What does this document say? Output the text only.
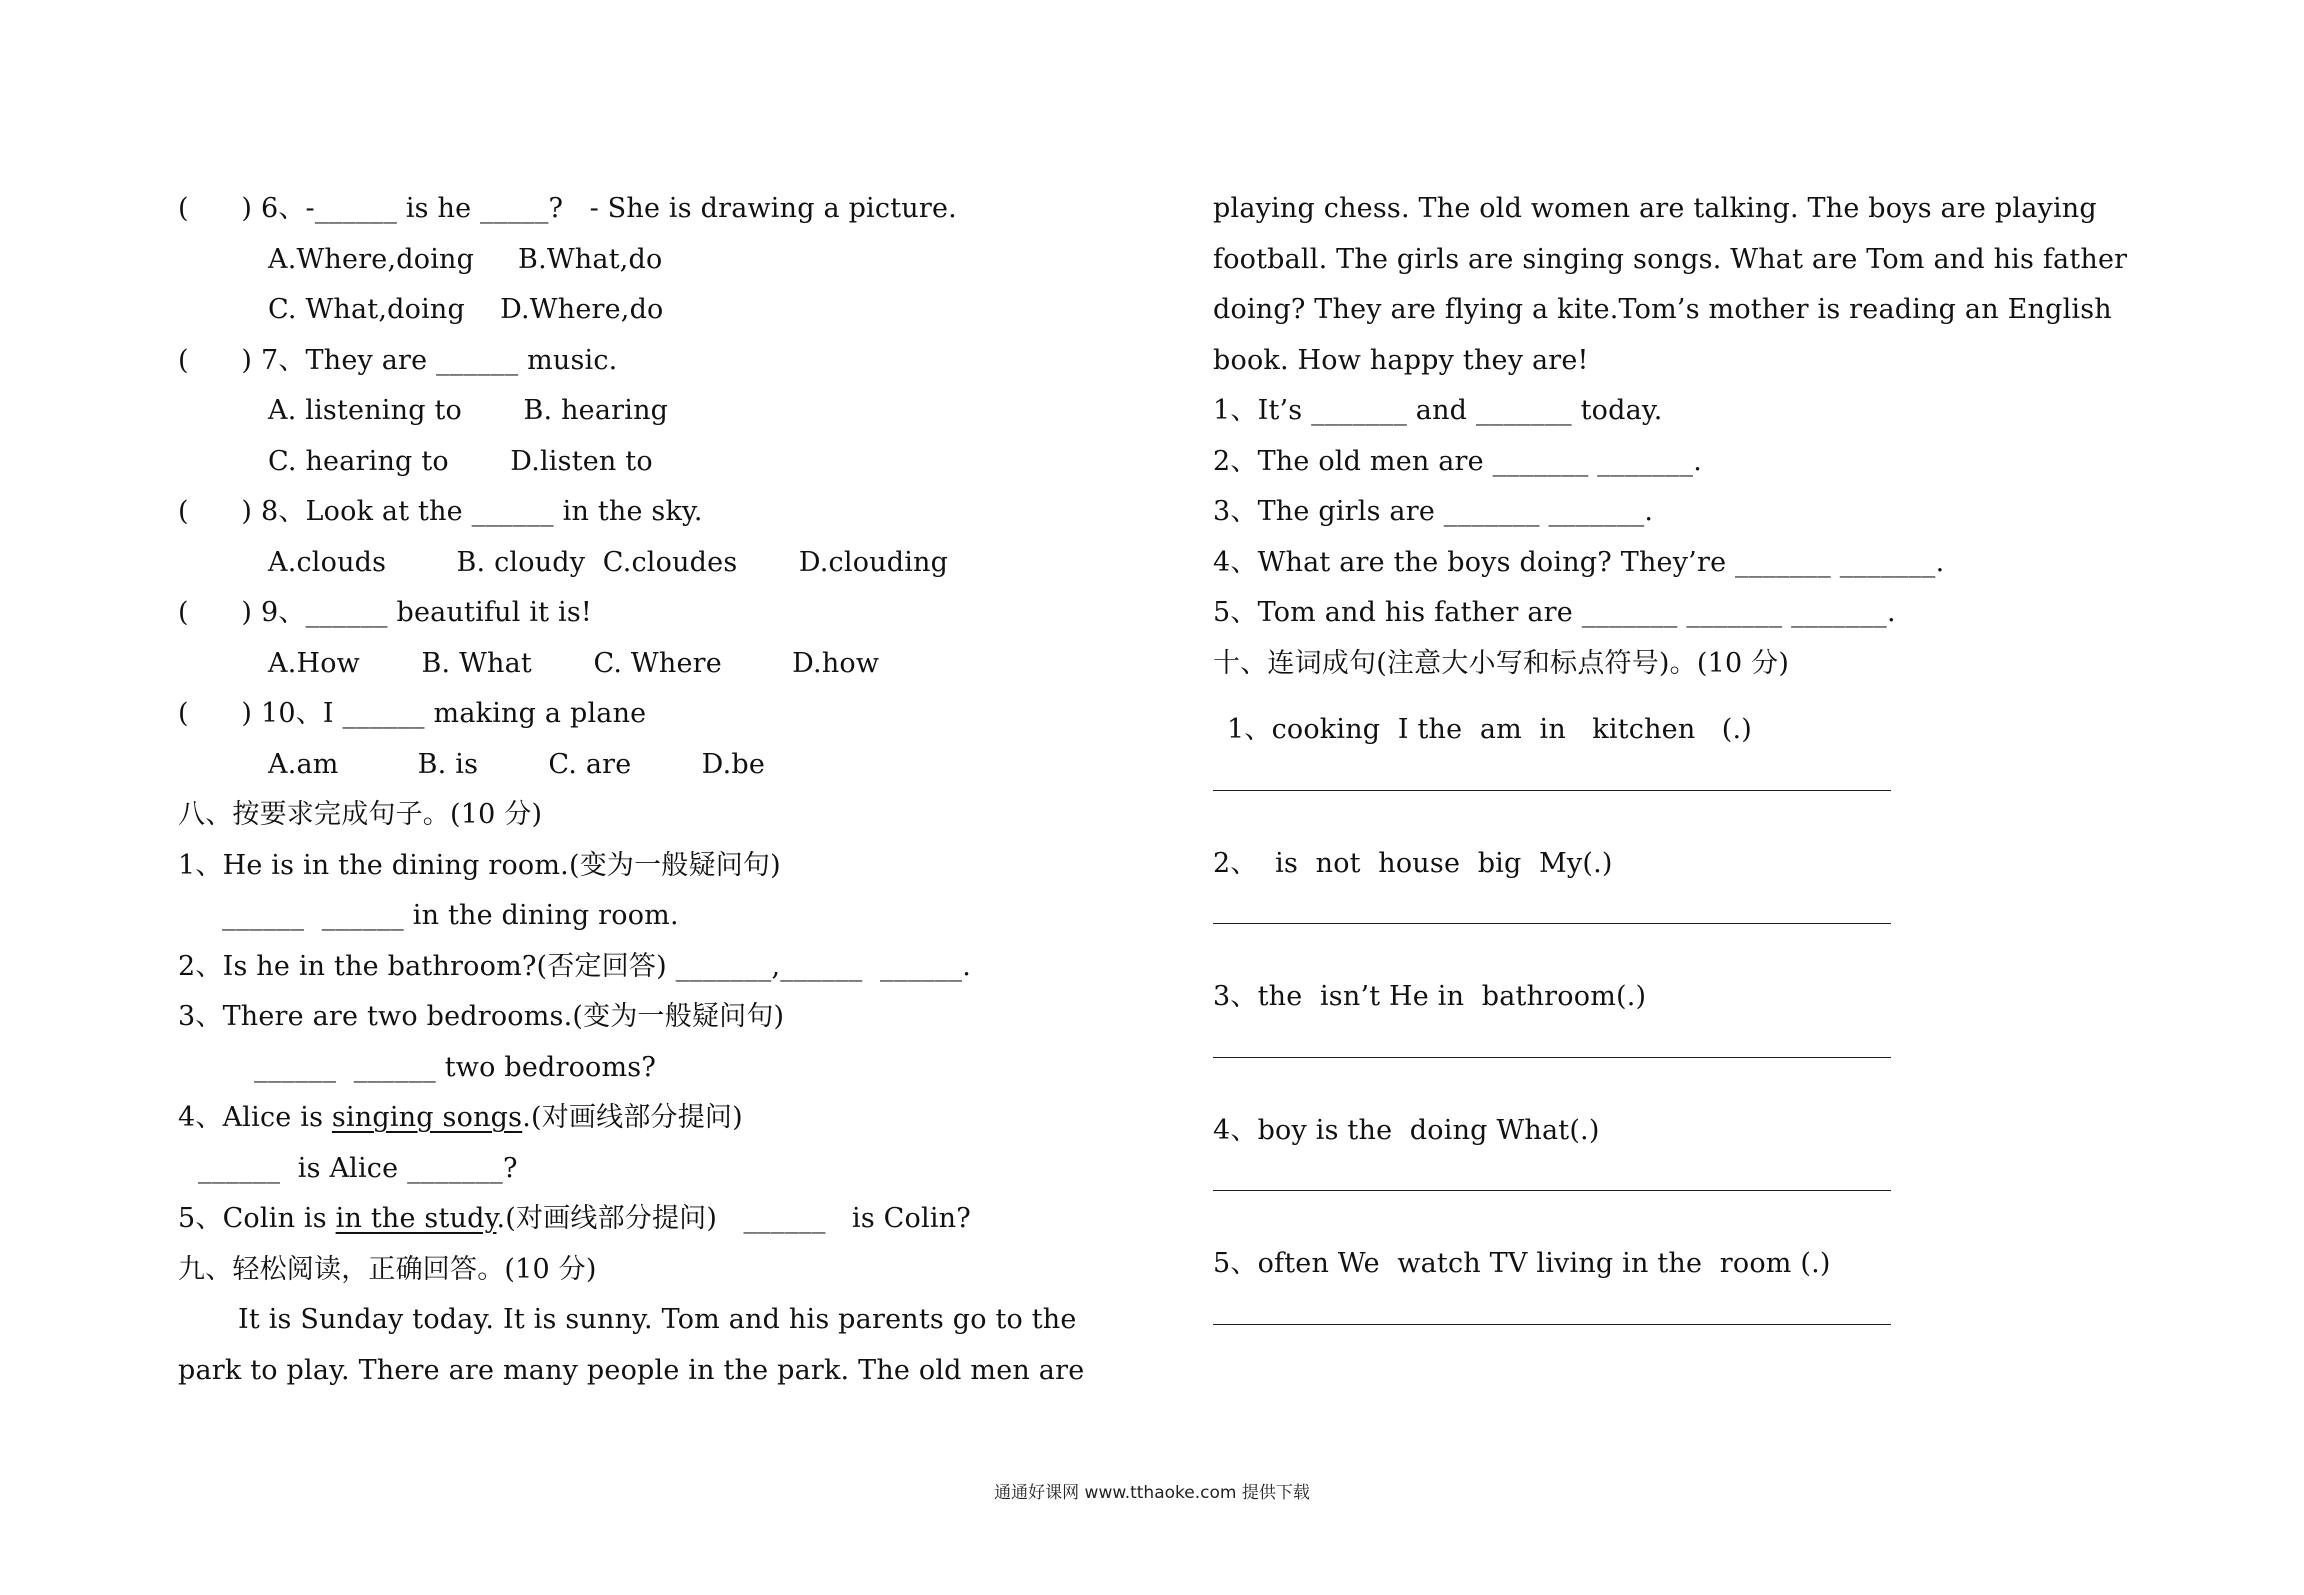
(      ) 6、-______ is he _____?   - She is drawing a picture.
A.Where,doing     B.What,do
C. What,doing    D.Where,do
(      ) 7、They are ______ music.
A. listening to       B. hearing
C. hearing to       D.listen to
(      ) 8、Look at the ______ in the sky.
A.clouds        B. cloudy  C.cloudes       D.clouding
(      ) 9、______ beautiful it is!
A.How       B. What       C. Where        D.how
(      ) 10、I ______ making a plane
A.am         B. is        C. are        D.be
八、按要求完成句子。(10 分)
1、He is in the dining room.(变为一般疑问句)
______  ______ in the dining room.
2、Is he in the bathroom?(否定回答) _______,______  ______.
3、There are two bedrooms.(变为一般疑问句)
______  ______ two bedrooms?
4、Alice is singing songs.(对画线部分提问)
______  is Alice _______?
5、Colin is in the study.(对画线部分提问)   ______   is Colin?
九、轻松阅读，正确回答。(10 分)
It is Sunday today. It is sunny. Tom and his parents go to the
park to play. There are many people in the park. The old men are
playing chess. The old women are talking. The boys are playing
football. The girls are singing songs. What are Tom and his father
doing? They are flying a kite.Tom’s mother is reading an English
book. How happy they are!
1、It’s _______ and _______ today.
2、The old men are _______ _______.
3、The girls are _______ _______.
4、What are the boys doing? They’re _______ _______.
5、Tom and his father are _______ _______ _______.
十、连词成句(注意大小写和标点符号)。(10 分)
1、cooking  I the  am  in   kitchen   (.)
2、  is  not  house  big  My(.)
3、the  isn’t He in  bathroom(.)
4、boy is the  doing What(.)
5、often We  watch TV living in the  room (.)
通通好课网 www.tthaoke.com 提供下载
